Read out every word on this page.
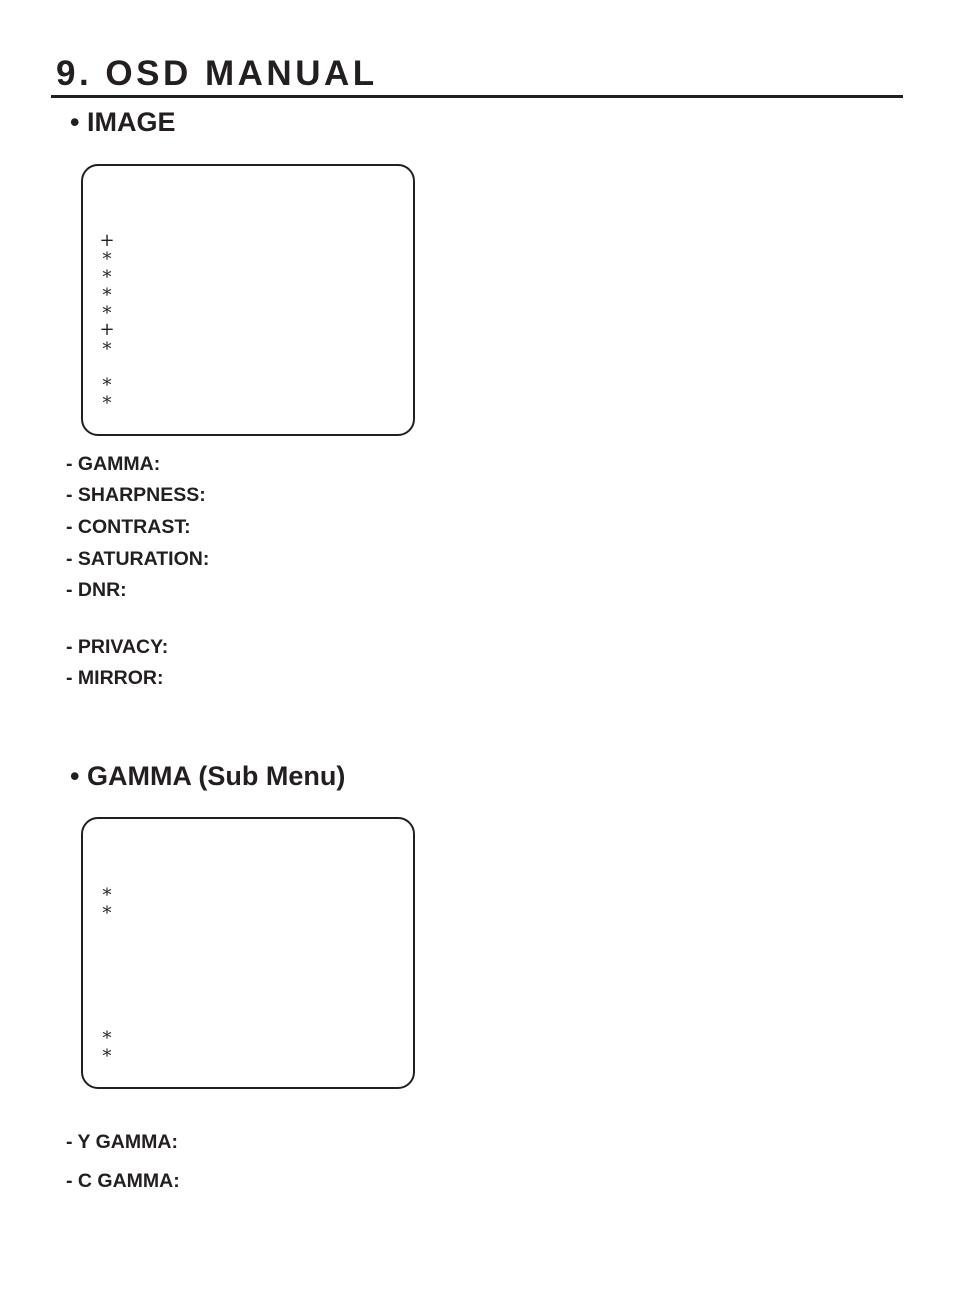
9. OSD MANUAL
• IMAGE
+
*
*
*
*
+
*
*
*

- GAMMA:

- SHARPNESS:

- CONTRAST:

- SATURATION:

- DNR:

- PRIVACY:

- MIRROR:

• GAMMA (Sub Menu)
*
*
*
*

- Y GAMMA:

- C GAMMA:
